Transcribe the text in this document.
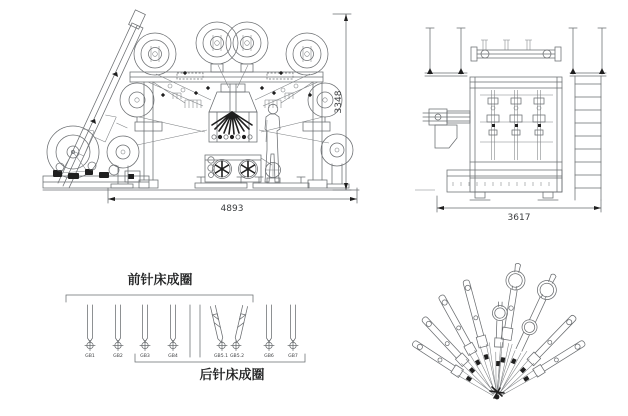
4893
3348
3617
前针床成圈
GB1	GB2	GB3	GB4	GB5.1 GB5.2	GB6	GB7
后针床成圈
